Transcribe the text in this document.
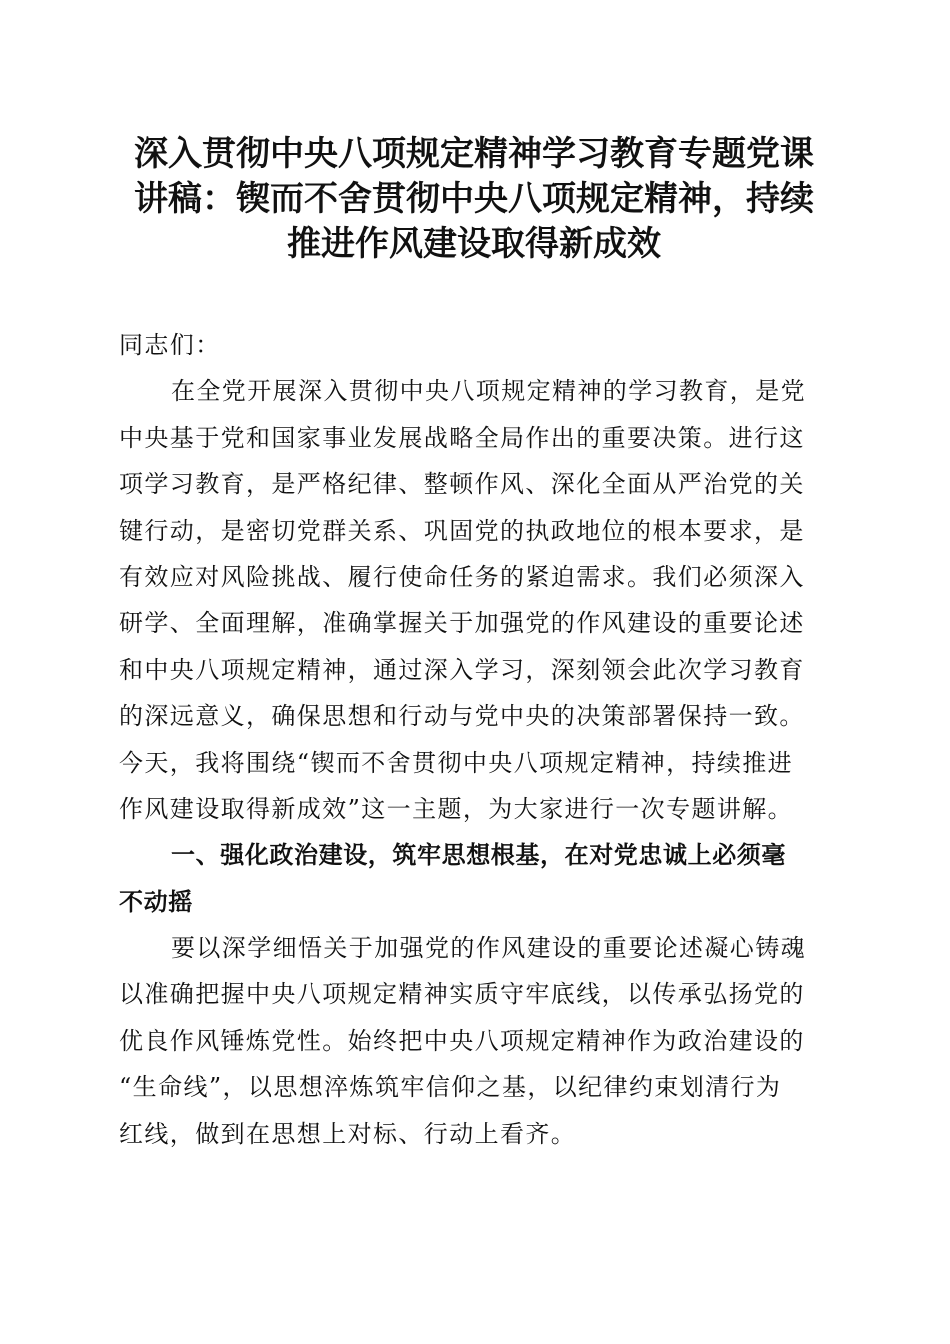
深入贯彻中央八项规定精神学习教育专题党课
讲稿：锲而不舍贯彻中央八项规定精神，持续
推进作风建设取得新成效
同志们：
在全党开展深入贯彻中央八项规定精神的学习教育，是党
中央基于党和国家事业发展战略全局作出的重要决策。进行这
项学习教育，是严格纪律、整顿作风、深化全面从严治党的关
键行动，是密切党群关系、巩固党的执政地位的根本要求，是
有效应对风险挑战、履行使命任务的紧迫需求。我们必须深入
研学、全面理解，准确掌握关于加强党的作风建设的重要论述
和中央八项规定精神，通过深入学习，深刻领会此次学习教育
的深远意义，确保思想和行动与党中央的决策部署保持一致。
今天，我将围绕“锲而不舍贯彻中央八项规定精神，持续推进
作风建设取得新成效”这一主题，为大家进行一次专题讲解。
一、强化政治建设，筑牢思想根基，在对党忠诚上必须毫
不动摇
要以深学细悟关于加强党的作风建设的重要论述凝心铸魂
以准确把握中央八项规定精神实质守牢底线，以传承弘扬党的
优良作风锤炼党性。始终把中央八项规定精神作为政治建设的
“生命线”，以思想淬炼筑牢信仰之基，以纪律约束划清行为
红线，做到在思想上对标、行动上看齐。
